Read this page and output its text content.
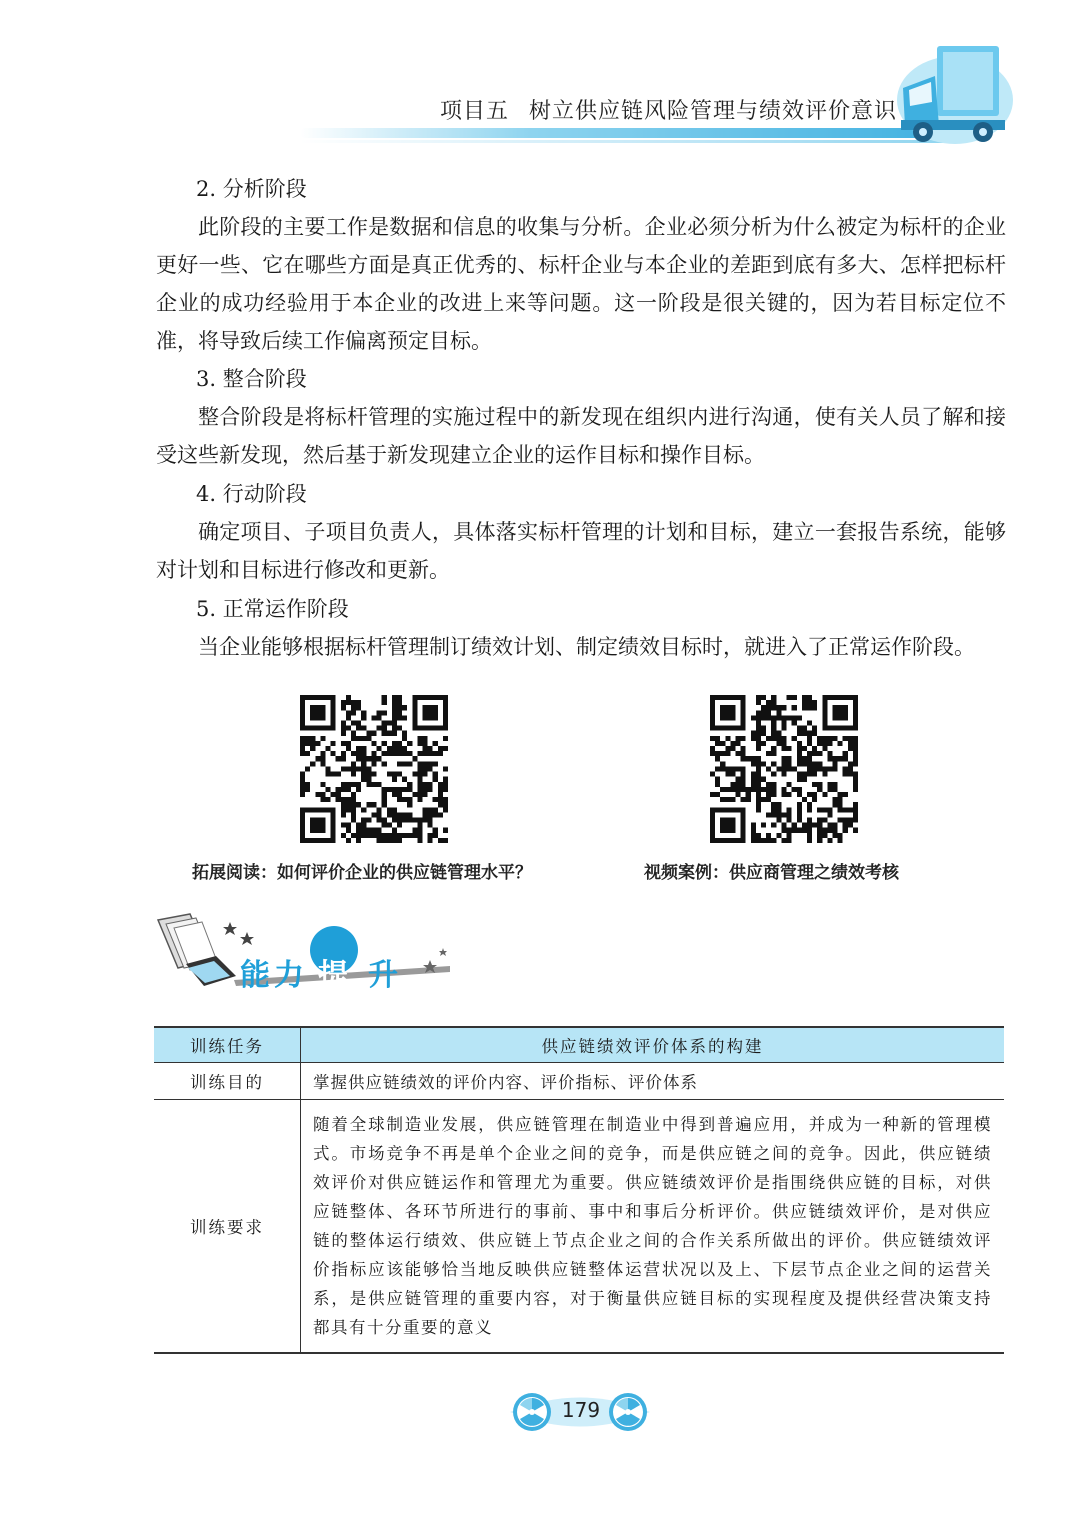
项目五 树立供应链风险管理与绩效评价意识
2. 分析阶段

此阶段的主要工作是数据和信息的收集与分析。企业必须分析为什么被定为标杆的企业更好一些、它在哪些方面是真正优秀的、标杆企业与本企业的差距到底有多大、怎样把标杆企业的成功经验用于本企业的改进上来等问题。这一阶段是很关键的，因为若目标定位不准，将导致后续工作偏离预定目标。

3. 整合阶段

整合阶段是将标杆管理的实施过程中的新发现在组织内进行沟通，使有关人员了解和接受这些新发现，然后基于新发现建立企业的运作目标和操作目标。

4. 行动阶段

确定项目、子项目负责人，具体落实标杆管理的计划和目标，建立一套报告系统，能够对计划和目标进行修改和更新。

5. 正常运作阶段

当企业能够根据标杆管理制订绩效计划、制定绩效目标时，就进入了正常运作阶段。

拓展阅读：如何评价企业的供应链管理水平？	视频案例：供应商管理之绩效考核
能 力 提 升
训练任务	供应链绩效评价体系的构建
训练目的	掌握供应链绩效的评价内容、评价指标、评价体系
训练要求	随着全球制造业发展，供应链管理在制造业中得到普遍应用，并成为一种新的管理模式。市场竞争不再是单个企业之间的竞争，而是供应链之间的竞争。因此，供应链绩效评价对供应链运作和管理尤为重要。供应链绩效评价是指围绕供应链的目标，对供应链整体、各环节所进行的事前、事中和事后分析评价。供应链绩效评价，是对供应链的整体运行绩效、供应链上节点企业之间的合作关系所做出的评价。供应链绩效评价指标应该能够恰当地反映供应链整体运营状况以及上、下层节点企业之间的运营关系，是供应链管理的重要内容，对于衡量供应链目标的实现程度及提供经营决策支持都具有十分重要的意义
179
